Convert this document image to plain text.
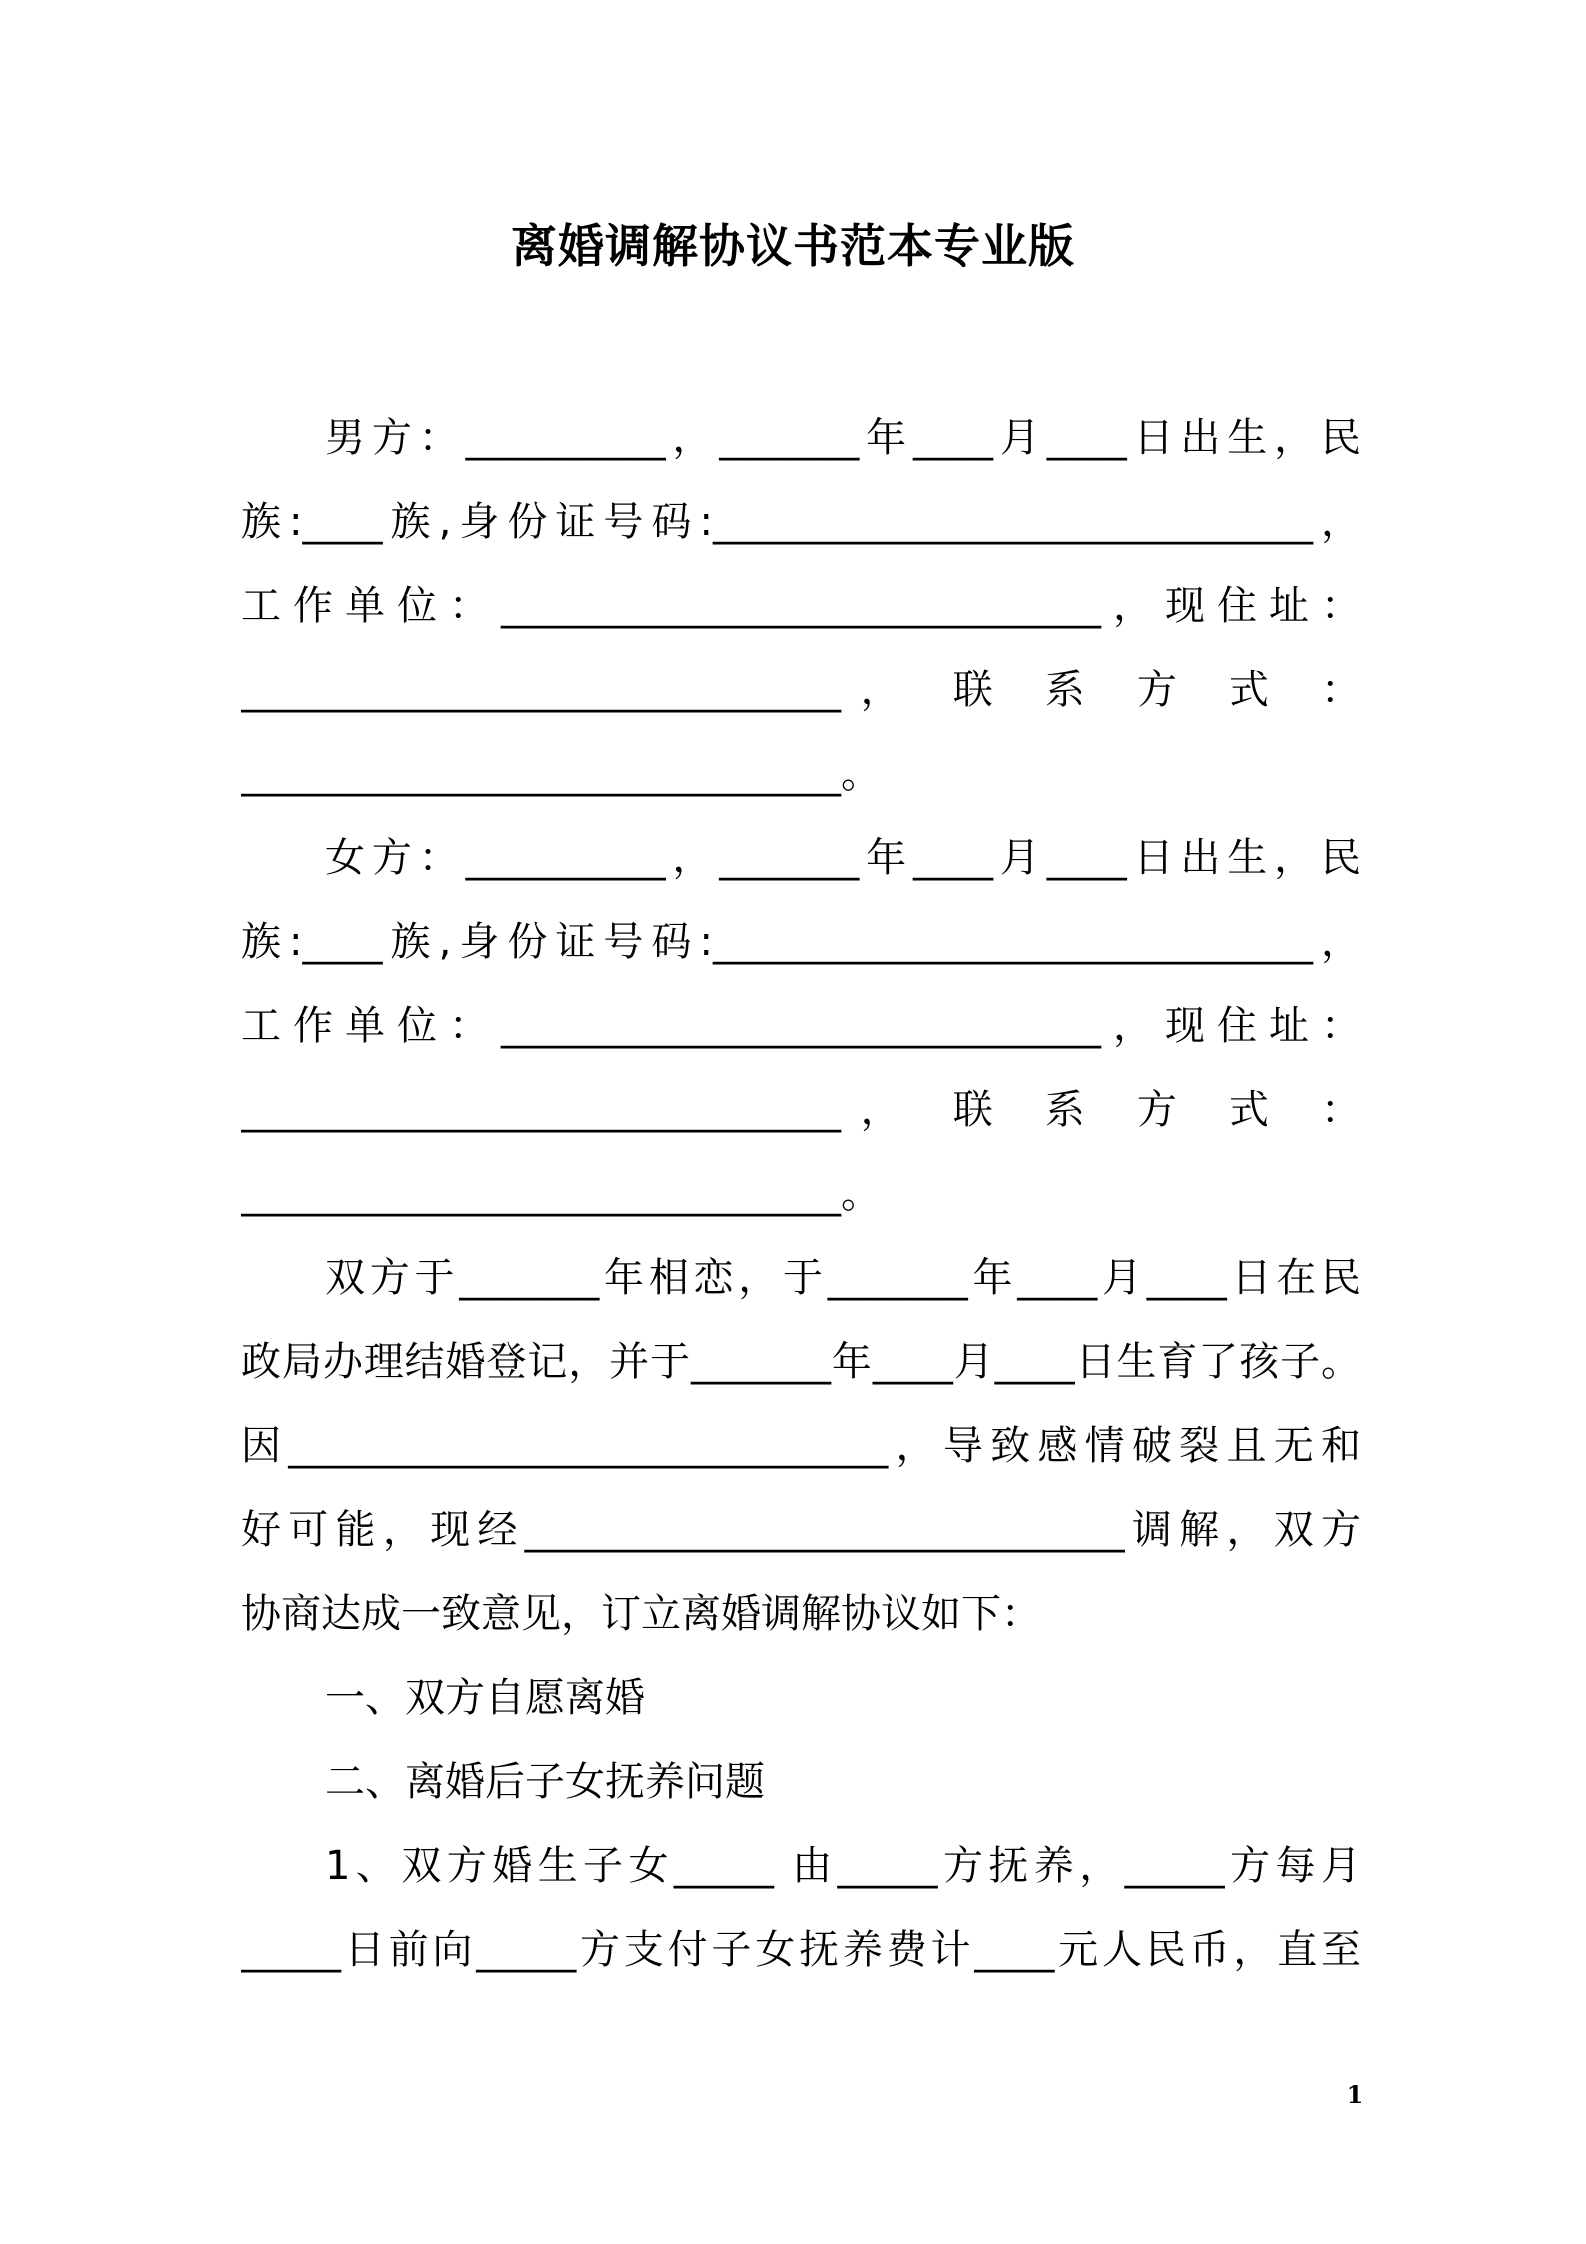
离婚调解协议书范本专业版
男方：__________，_______年____月____日出生，民
族:____族,身份证号码:______________________________，
工作单位：______________________________，现住址：
______________________________， 联 系 方 式 ：
______________________________。
女方：__________，_______年____月____日出生，民
族:____族,身份证号码:______________________________，
工作单位：______________________________，现住址：
______________________________， 联 系 方 式 ：
______________________________。
双方于_______年相恋，于_______年____月____日在民
政局办理结婚登记，并于_______年____月____日生育了孩子。
因______________________________，导致感情破裂且无和
好可能，现经______________________________调解，双方
协商达成一致意见，订立离婚调解协议如下：
一、双方自愿离婚
二、离婚后子女抚养问题
1、双方婚生子女_____ 由_____方抚养，_____方每月
_____日前向_____方支付子女抚养费计____元人民币，直至
1
